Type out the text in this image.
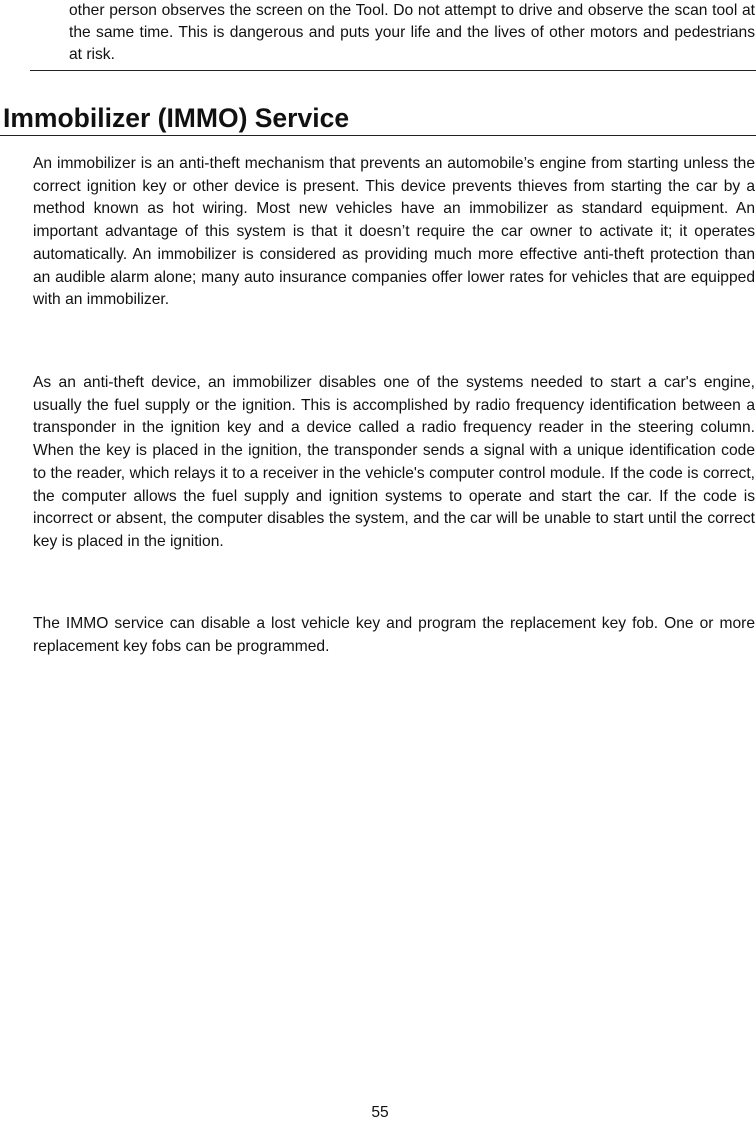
other person observes the screen on the Tool. Do not attempt to drive and observe the scan tool at the same time. This is dangerous and puts your life and the lives of other motors and pedestrians at risk.

Immobilizer (IMMO) Service

An immobilizer is an anti-theft mechanism that prevents an automobile’s engine from starting unless the correct ignition key or other device is present. This device prevents thieves from starting the car by a method known as hot wiring. Most new vehicles have an immobilizer as standard equipment. An important advantage of this system is that it doesn’t require the car owner to activate it; it operates automatically. An immobilizer is considered as providing much more effective anti-theft protection than an audible alarm alone; many auto insurance companies offer lower rates for vehicles that are equipped with an immobilizer.

As an anti-theft device, an immobilizer disables one of the systems needed to start a car's engine, usually the fuel supply or the ignition. This is accomplished by radio frequency identification between a transponder in the ignition key and a device called a radio frequency reader in the steering column. When the key is placed in the ignition, the transponder sends a signal with a unique identification code to the reader, which relays it to a receiver in the vehicle's computer control module. If the code is correct, the computer allows the fuel supply and ignition systems to operate and start the car. If the code is incorrect or absent, the computer disables the system, and the car will be unable to start until the correct key is placed in the ignition.

The IMMO service can disable a lost vehicle key and program the replacement key fob. One or more replacement key fobs can be programmed.

55
